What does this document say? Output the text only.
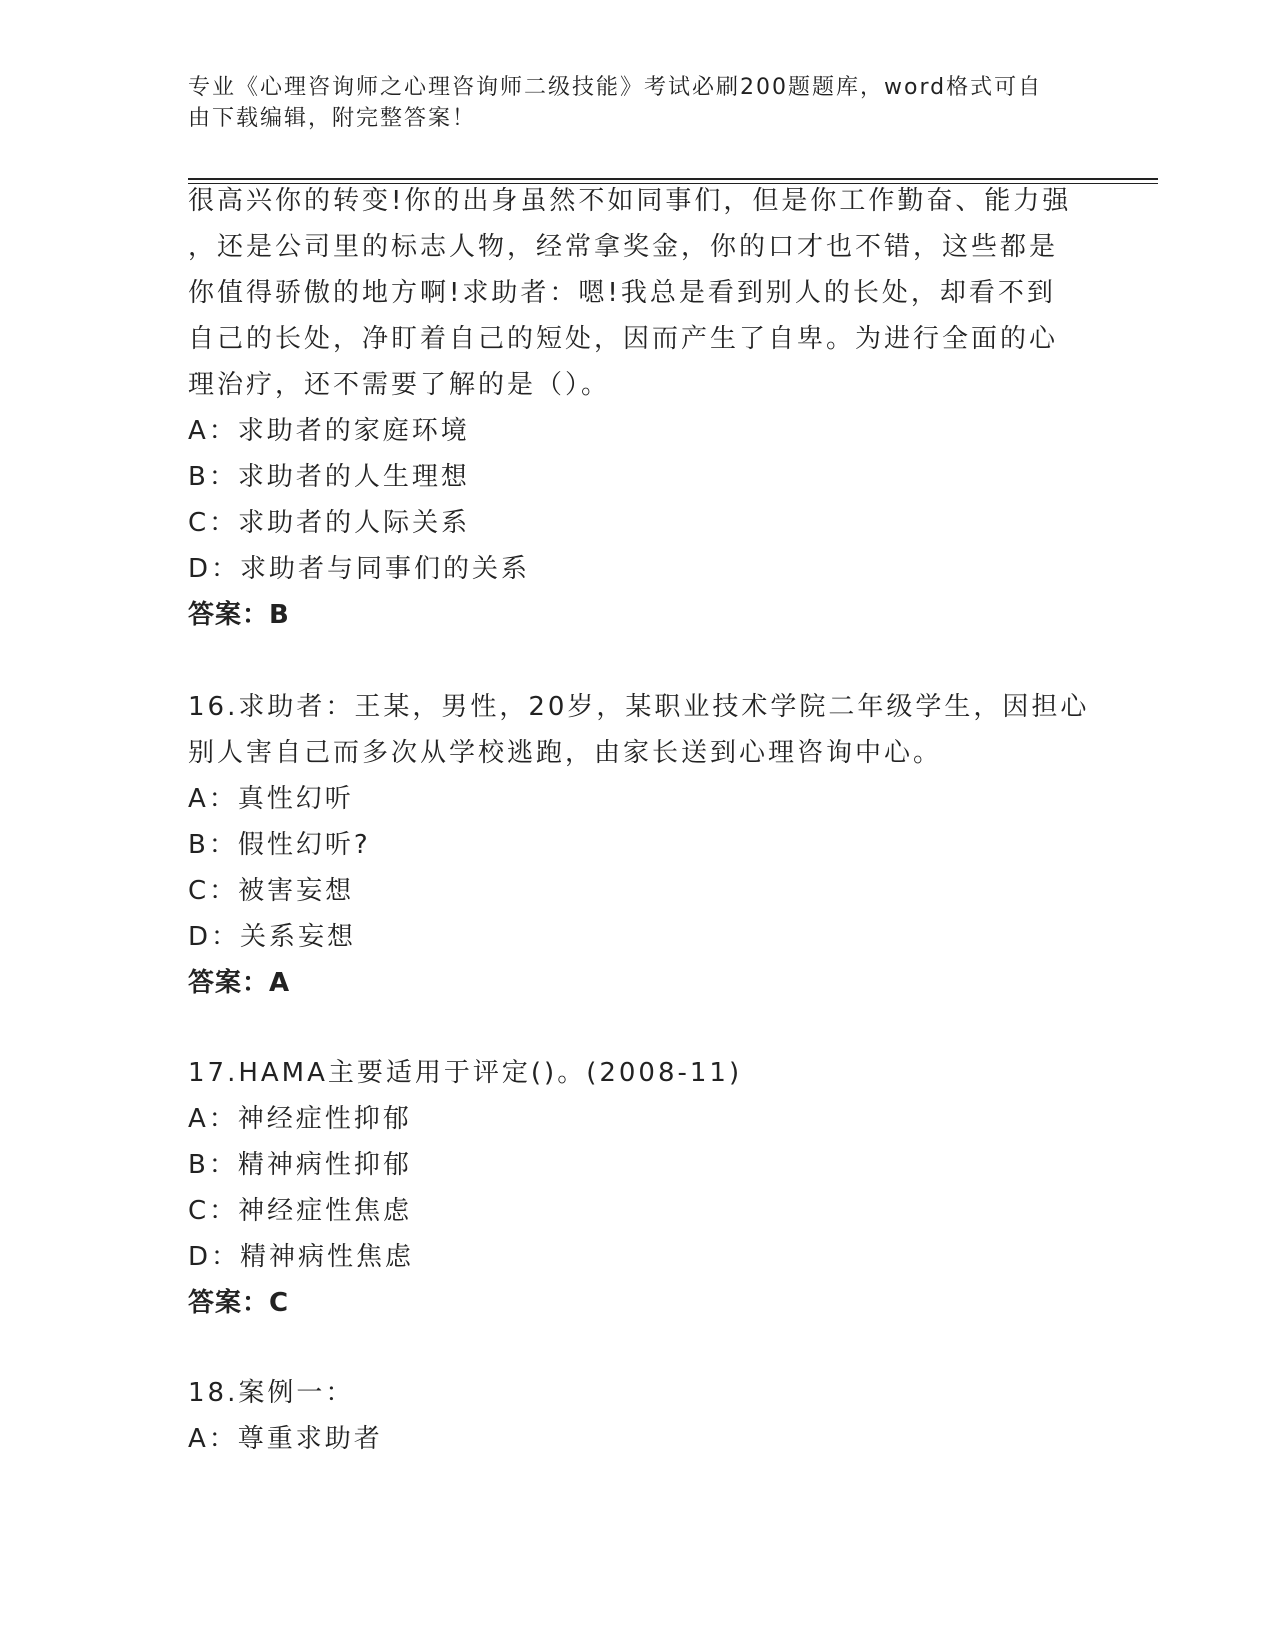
专业《心理咨询师之心理咨询师二级技能》考试必刷200题题库，word格式可自
由下载编辑，附完整答案！
很高兴你的转变!你的出身虽然不如同事们，但是你工作勤奋、能力强
，还是公司里的标志人物，经常拿奖金，你的口才也不错，这些都是
你值得骄傲的地方啊!求助者：嗯!我总是看到别人的长处，却看不到
自己的长处，净盯着自己的短处，因而产生了自卑。为进行全面的心
理治疗，还不需要了解的是（）。
A：求助者的家庭环境
B：求助者的人生理想
C：求助者的人际关系
D：求助者与同事们的关系
答案：B
16.求助者：王某，男性，20岁，某职业技术学院二年级学生，因担心
别人害自己而多次从学校逃跑，由家长送到心理咨询中心。
A：真性幻听
B：假性幻听?
C：被害妄想
D：关系妄想
答案：A
17.HAMA主要适用于评定()。(2008-11)
A：神经症性抑郁
B：精神病性抑郁
C：神经症性焦虑
D：精神病性焦虑
答案：C
18.案例一：
A：尊重求助者
